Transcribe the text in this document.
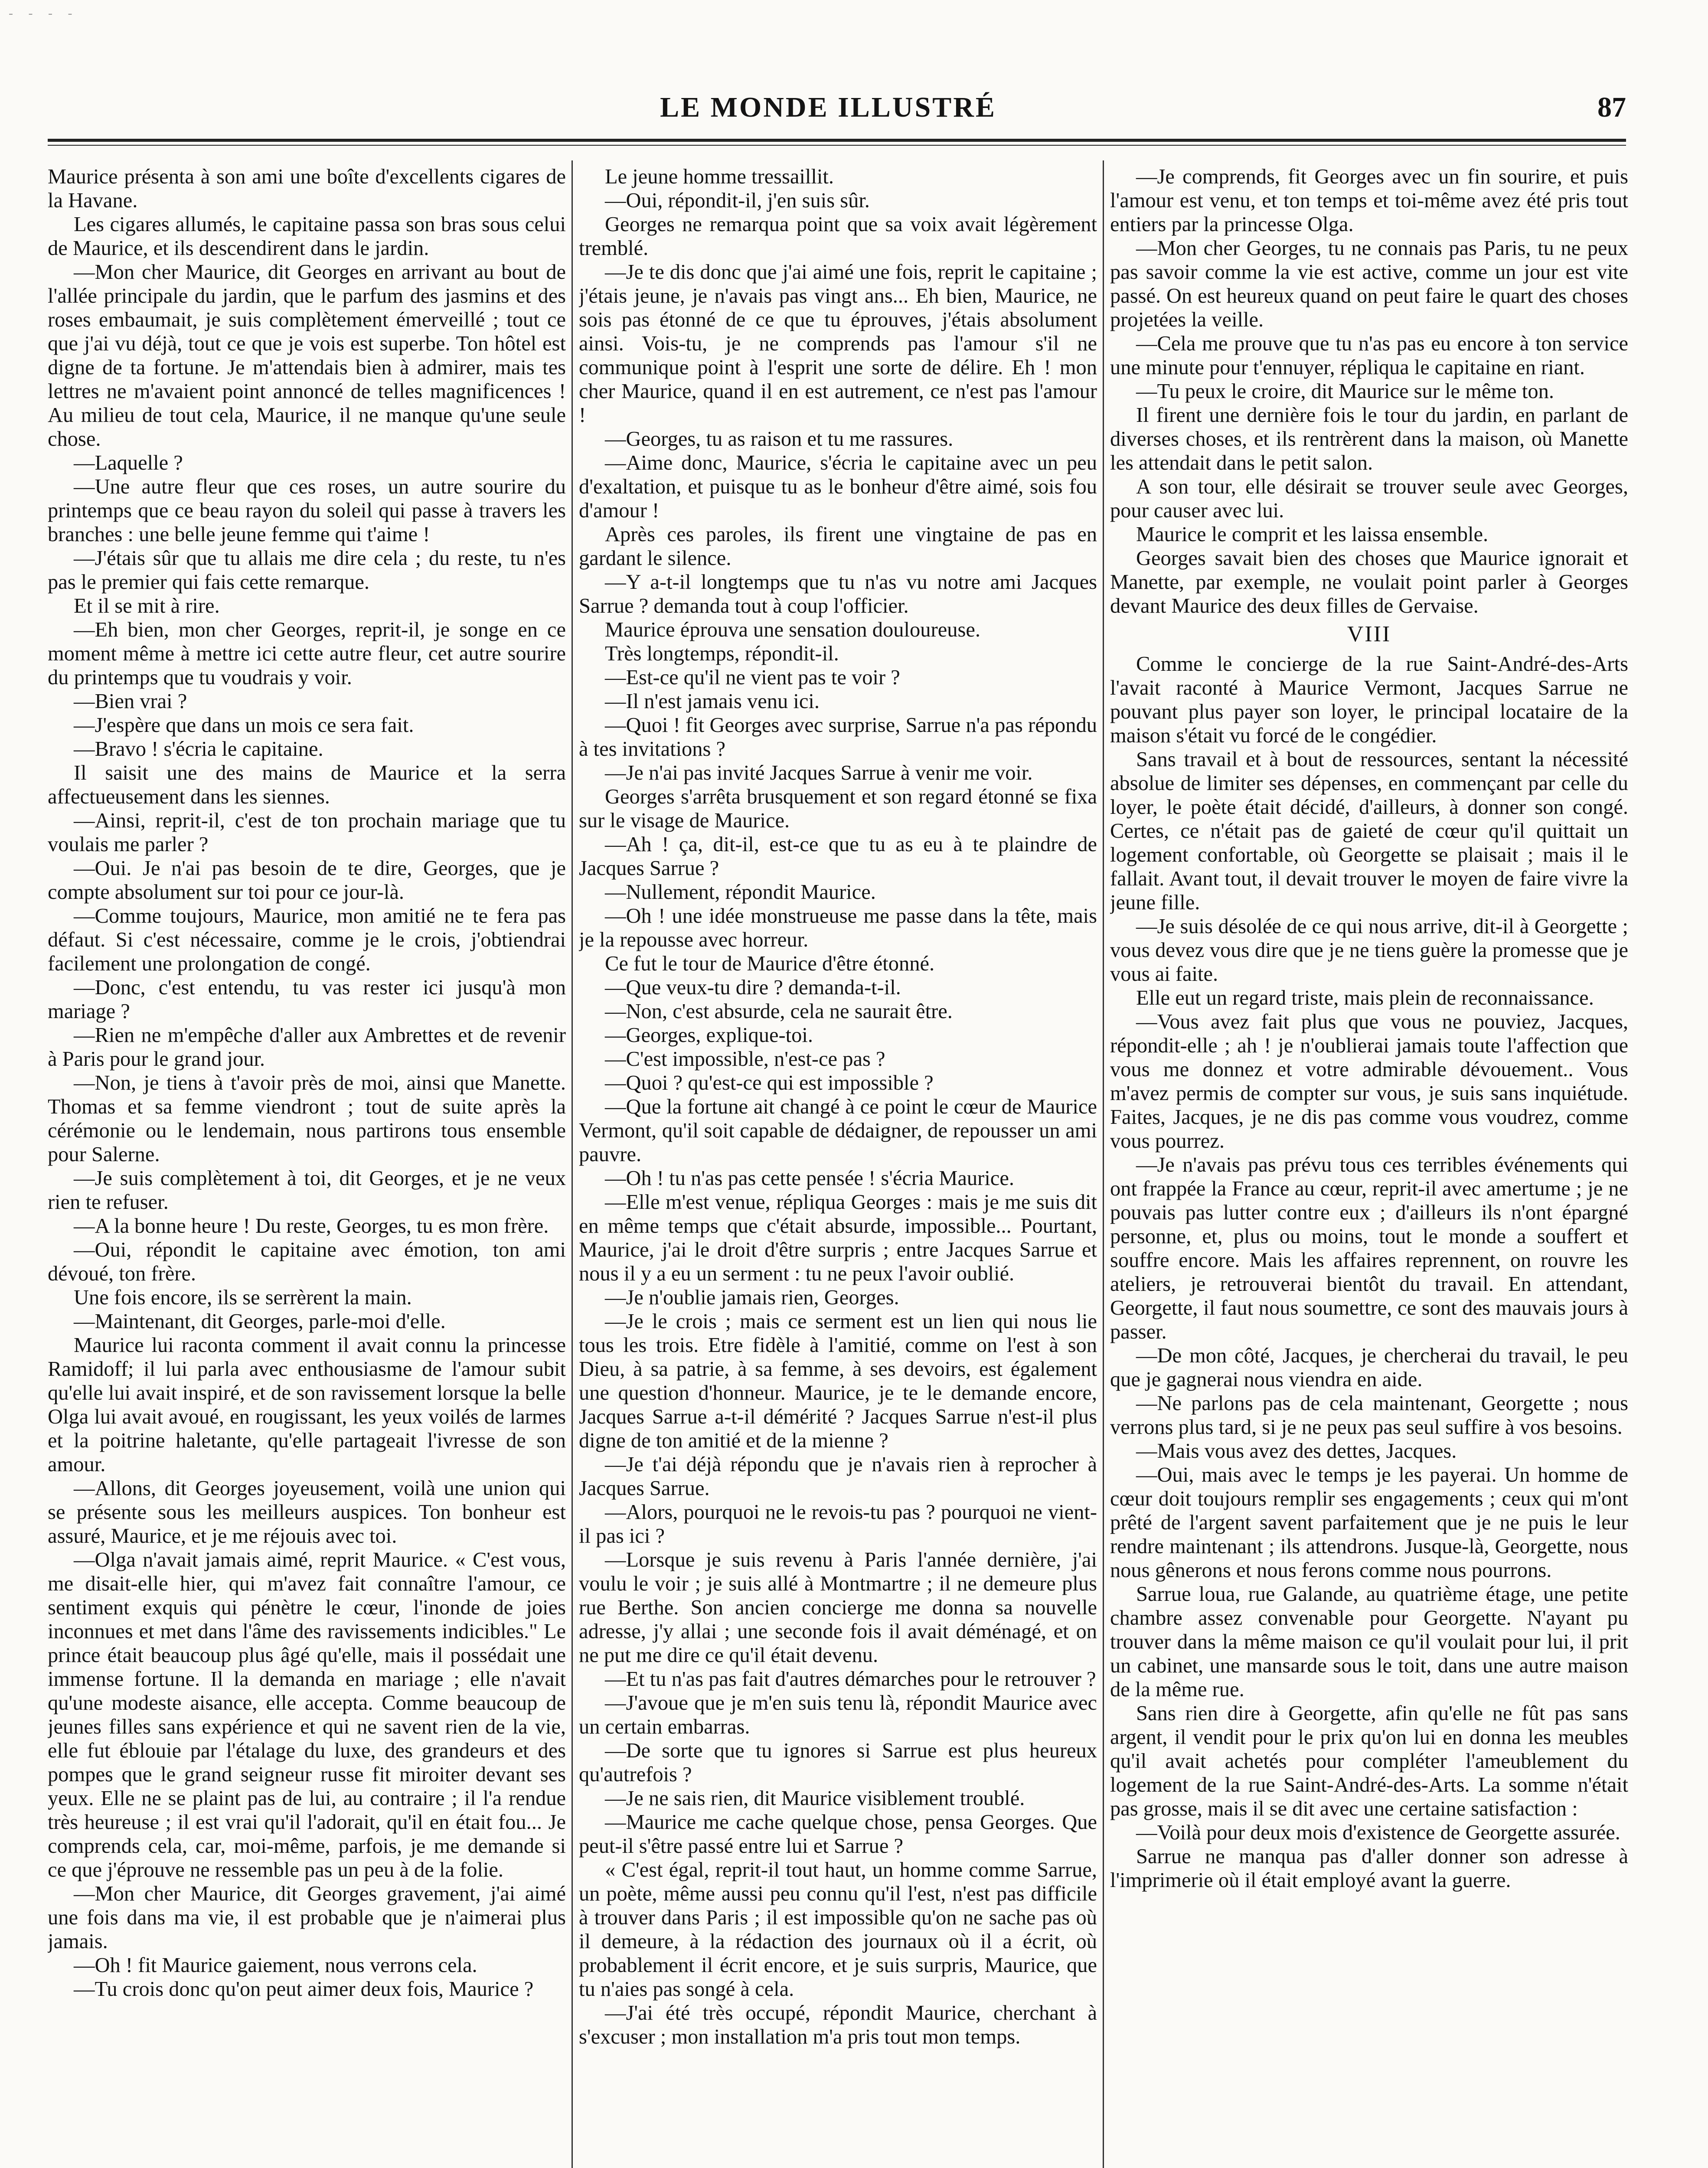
- - - -
LE MONDE ILLUSTRÉ	87

Maurice présenta à son ami une boîte d'excellents cigares de la Havane.

Les cigares allumés, le capitaine passa son bras sous celui de Maurice, et ils descendirent dans le jardin.

—Mon cher Maurice, dit Georges en arrivant au bout de l'allée principale du jardin, que le parfum des jasmins et des roses embaumait, je suis complètement émerveillé ; tout ce que j'ai vu déjà, tout ce que je vois est superbe. Ton hôtel est digne de ta fortune. Je m'attendais bien à admirer, mais tes lettres ne m'avaient point annoncé de telles magnificences ! Au milieu de tout cela, Maurice, il ne manque qu'une seule chose.

—Laquelle ?

—Une autre fleur que ces roses, un autre sourire du printemps que ce beau rayon du soleil qui passe à travers les branches : une belle jeune femme qui t'aime !

—J'étais sûr que tu allais me dire cela ; du reste, tu n'es pas le premier qui fais cette remarque.

Et il se mit à rire.

—Eh bien, mon cher Georges, reprit-il, je songe en ce moment même à mettre ici cette autre fleur, cet autre sourire du printemps que tu voudrais y voir.

—Bien vrai ?

—J'espère que dans un mois ce sera fait.

—Bravo ! s'écria le capitaine.

Il saisit une des mains de Maurice et la serra affectueusement dans les siennes.

—Ainsi, reprit-il, c'est de ton prochain mariage que tu voulais me parler ?

—Oui. Je n'ai pas besoin de te dire, Georges, que je compte absolument sur toi pour ce jour-là.

—Comme toujours, Maurice, mon amitié ne te fera pas défaut. Si c'est nécessaire, comme je le crois, j'obtiendrai facilement une prolongation de congé.

—Donc, c'est entendu, tu vas rester ici jusqu'à mon mariage ?

—Rien ne m'empêche d'aller aux Ambrettes et de revenir à Paris pour le grand jour.

—Non, je tiens à t'avoir près de moi, ainsi que Manette. Thomas et sa femme viendront ; tout de suite après la cérémonie ou le lendemain, nous partirons tous ensemble pour Salerne.

—Je suis complètement à toi, dit Georges, et je ne veux rien te refuser.

—A la bonne heure ! Du reste, Georges, tu es mon frère.

—Oui, répondit le capitaine avec émotion, ton ami dévoué, ton frère.

Une fois encore, ils se serrèrent la main.

—Maintenant, dit Georges, parle-moi d'elle.

Maurice lui raconta comment il avait connu la princesse Ramidoff; il lui parla avec enthousiasme de l'amour subit qu'elle lui avait inspiré, et de son ravissement lorsque la belle Olga lui avait avoué, en rougissant, les yeux voilés de larmes et la poitrine haletante, qu'elle partageait l'ivresse de son amour.

—Allons, dit Georges joyeusement, voilà une union qui se présente sous les meilleurs auspices. Ton bonheur est assuré, Maurice, et je me réjouis avec toi.

—Olga n'avait jamais aimé, reprit Maurice. « C'est vous, me disait-elle hier, qui m'avez fait connaître l'amour, ce sentiment exquis qui pénètre le cœur, l'inonde de joies inconnues et met dans l'âme des ravissements indicibles." Le prince était beaucoup plus âgé qu'elle, mais il possédait une immense fortune. Il la demanda en mariage ; elle n'avait qu'une modeste aisance, elle accepta. Comme beaucoup de jeunes filles sans expérience et qui ne savent rien de la vie, elle fut éblouie par l'étalage du luxe, des grandeurs et des pompes que le grand seigneur russe fit miroiter devant ses yeux. Elle ne se plaint pas de lui, au contraire ; il l'a rendue très heureuse ; il est vrai qu'il l'adorait, qu'il en était fou... Je comprends cela, car, moi-même, parfois, je me demande si ce que j'éprouve ne ressemble pas un peu à de la folie.

—Mon cher Maurice, dit Georges gravement, j'ai aimé une fois dans ma vie, il est probable que je n'aimerai plus jamais.

—Oh ! fit Maurice gaiement, nous verrons cela.

—Tu crois donc qu'on peut aimer deux fois, Maurice ?

Le jeune homme tressaillit.

—Oui, répondit-il, j'en suis sûr.

Georges ne remarqua point que sa voix avait légèrement tremblé.

—Je te dis donc que j'ai aimé une fois, reprit le capitaine ; j'étais jeune, je n'avais pas vingt ans... Eh bien, Maurice, ne sois pas étonné de ce que tu éprouves, j'étais absolument ainsi. Vois-tu, je ne comprends pas l'amour s'il ne communique point à l'esprit une sorte de délire. Eh ! mon cher Maurice, quand il en est autrement, ce n'est pas l'amour !

—Georges, tu as raison et tu me rassures.

—Aime donc, Maurice, s'écria le capitaine avec un peu d'exaltation, et puisque tu as le bonheur d'être aimé, sois fou d'amour !

Après ces paroles, ils firent une vingtaine de pas en gardant le silence.

—Y a-t-il longtemps que tu n'as vu notre ami Jacques Sarrue ? demanda tout à coup l'officier.

Maurice éprouva une sensation douloureuse.

Très longtemps, répondit-il.

—Est-ce qu'il ne vient pas te voir ?

—Il n'est jamais venu ici.

—Quoi ! fit Georges avec surprise, Sarrue n'a pas répondu à tes invitations ?

—Je n'ai pas invité Jacques Sarrue à venir me voir.

Georges s'arrêta brusquement et son regard étonné se fixa sur le visage de Maurice.

—Ah ! ça, dit-il, est-ce que tu as eu à te plaindre de Jacques Sarrue ?

—Nullement, répondit Maurice.

—Oh ! une idée monstrueuse me passe dans la tête, mais je la repousse avec horreur.

Ce fut le tour de Maurice d'être étonné.

—Que veux-tu dire ? demanda-t-il.

—Non, c'est absurde, cela ne saurait être.

—Georges, explique-toi.

—C'est impossible, n'est-ce pas ?

—Quoi ? qu'est-ce qui est impossible ?

—Que la fortune ait changé à ce point le cœur de Maurice Vermont, qu'il soit capable de dédaigner, de repousser un ami pauvre.

—Oh ! tu n'as pas cette pensée ! s'écria Maurice.

—Elle m'est venue, répliqua Georges : mais je me suis dit en même temps que c'était absurde, impossible... Pourtant, Maurice, j'ai le droit d'être surpris ; entre Jacques Sarrue et nous il y a eu un serment : tu ne peux l'avoir oublié.

—Je n'oublie jamais rien, Georges.

—Je le crois ; mais ce serment est un lien qui nous lie tous les trois. Etre fidèle à l'amitié, comme on l'est à son Dieu, à sa patrie, à sa femme, à ses devoirs, est également une question d'honneur. Maurice, je te le demande encore, Jacques Sarrue a-t-il démérité ? Jacques Sarrue n'est-il plus digne de ton amitié et de la mienne ?

—Je t'ai déjà répondu que je n'avais rien à reprocher à Jacques Sarrue.

—Alors, pourquoi ne le revois-tu pas ? pourquoi ne vient-il pas ici ?

—Lorsque je suis revenu à Paris l'année dernière, j'ai voulu le voir ; je suis allé à Montmartre ; il ne demeure plus rue Berthe. Son ancien concierge me donna sa nouvelle adresse, j'y allai ; une seconde fois il avait déménagé, et on ne put me dire ce qu'il était devenu.

—Et tu n'as pas fait d'autres démarches pour le retrouver ?

—J'avoue que je m'en suis tenu là, répondit Maurice avec un certain embarras.

—De sorte que tu ignores si Sarrue est plus heureux qu'autrefois ?

—Je ne sais rien, dit Maurice visiblement troublé.

—Maurice me cache quelque chose, pensa Georges. Que peut-il s'être passé entre lui et Sarrue ?

« C'est égal, reprit-il tout haut, un homme comme Sarrue, un poète, même aussi peu connu qu'il l'est, n'est pas difficile à trouver dans Paris ; il est impossible qu'on ne sache pas où il demeure, à la rédaction des journaux où il a écrit, où probablement il écrit encore, et je suis surpris, Maurice, que tu n'aies pas songé à cela.

—J'ai été très occupé, répondit Maurice, cherchant à s'excuser ; mon installation m'a pris tout mon temps.

—Je comprends, fit Georges avec un fin sourire, et puis l'amour est venu, et ton temps et toi-même avez été pris tout entiers par la princesse Olga.

—Mon cher Georges, tu ne connais pas Paris, tu ne peux pas savoir comme la vie est active, comme un jour est vite passé. On est heureux quand on peut faire le quart des choses projetées la veille.

—Cela me prouve que tu n'as pas eu encore à ton service une minute pour t'ennuyer, répliqua le capitaine en riant.

—Tu peux le croire, dit Maurice sur le même ton.

Il firent une dernière fois le tour du jardin, en parlant de diverses choses, et ils rentrèrent dans la maison, où Manette les attendait dans le petit salon.

A son tour, elle désirait se trouver seule avec Georges, pour causer avec lui.

Maurice le comprit et les laissa ensemble.

Georges savait bien des choses que Maurice ignorait et Manette, par exemple, ne voulait point parler à Georges devant Maurice des deux filles de Gervaise.

VIII

Comme le concierge de la rue Saint-André-des-Arts l'avait raconté à Maurice Vermont, Jacques Sarrue ne pouvant plus payer son loyer, le principal locataire de la maison s'était vu forcé de le congédier.

Sans travail et à bout de ressources, sentant la nécessité absolue de limiter ses dépenses, en commençant par celle du loyer, le poète était décidé, d'ailleurs, à donner son congé. Certes, ce n'était pas de gaieté de cœur qu'il quittait un logement confortable, où Georgette se plaisait ; mais il le fallait. Avant tout, il devait trouver le moyen de faire vivre la jeune fille.

—Je suis désolée de ce qui nous arrive, dit-il à Georgette ; vous devez vous dire que je ne tiens guère la promesse que je vous ai faite.

Elle eut un regard triste, mais plein de reconnaissance.

—Vous avez fait plus que vous ne pouviez, Jacques, répondit-elle ; ah ! je n'oublierai jamais toute l'affection que vous me donnez et votre admirable dévouement.. Vous m'avez permis de compter sur vous, je suis sans inquiétude. Faites, Jacques, je ne dis pas comme vous voudrez, comme vous pourrez.

—Je n'avais pas prévu tous ces terribles événements qui ont frappée la France au cœur, reprit-il avec amertume ; je ne pouvais pas lutter contre eux ; d'ailleurs ils n'ont épargné personne, et, plus ou moins, tout le monde a souffert et souffre encore. Mais les affaires reprennent, on rouvre les ateliers, je retrouverai bientôt du travail. En attendant, Georgette, il faut nous soumettre, ce sont des mauvais jours à passer.

—De mon côté, Jacques, je chercherai du travail, le peu que je gagnerai nous viendra en aide.

—Ne parlons pas de cela maintenant, Georgette ; nous verrons plus tard, si je ne peux pas seul suffire à vos besoins.

—Mais vous avez des dettes, Jacques.

—Oui, mais avec le temps je les payerai. Un homme de cœur doit toujours remplir ses engagements ; ceux qui m'ont prêté de l'argent savent parfaitement que je ne puis le leur rendre maintenant ; ils attendrons. Jusque-là, Georgette, nous nous gênerons et nous ferons comme nous pourrons.

Sarrue loua, rue Galande, au quatrième étage, une petite chambre assez convenable pour Georgette. N'ayant pu trouver dans la même maison ce qu'il voulait pour lui, il prit un cabinet, une mansarde sous le toit, dans une autre maison de la même rue.

Sans rien dire à Georgette, afin qu'elle ne fût pas sans argent, il vendit pour le prix qu'on lui en donna les meubles qu'il avait achetés pour compléter l'ameublement du logement de la rue Saint-André-des-Arts. La somme n'était pas grosse, mais il se dit avec une certaine satisfaction :

—Voilà pour deux mois d'existence de Georgette assurée.

Sarrue ne manqua pas d'aller donner son adresse à l'imprimerie où il était employé avant la guerre.
